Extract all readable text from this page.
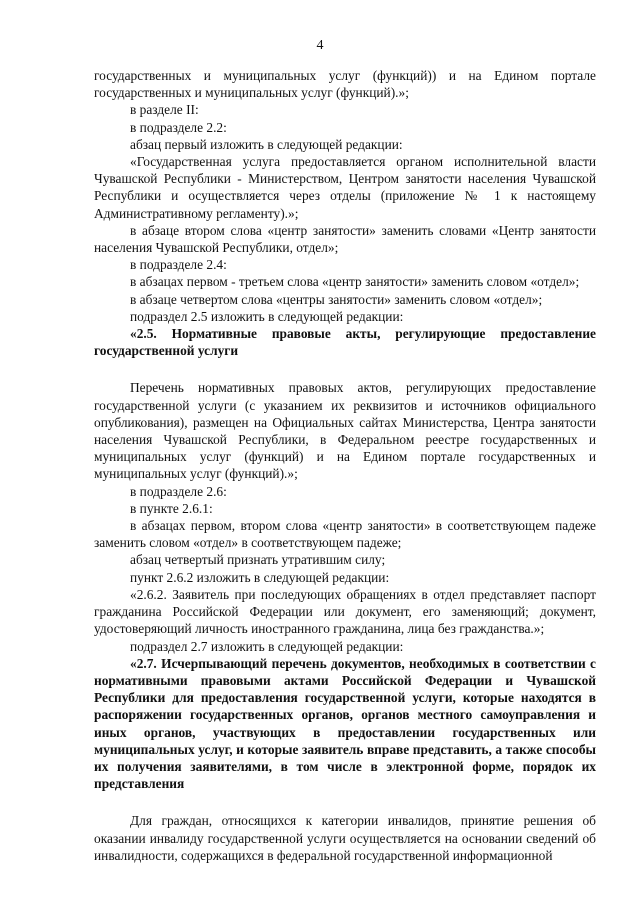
4

государственных и муниципальных услуг (функций)) и на Едином портале государственных и муниципальных услуг (функций).»;

в разделе II:

в подразделе 2.2:

абзац первый изложить в следующей редакции:

«Государственная услуга предоставляется органом исполнительной власти Чувашской Республики - Министерством, Центром занятости населения Чувашской Республики и осуществляется через отделы (приложение № 1 к настоящему Административному регламенту).»;

в абзаце втором слова «центр занятости» заменить словами «Центр занятости населения Чувашской Республики, отдел»;

в подразделе 2.4:

в абзацах первом - третьем слова «центр занятости» заменить словом «отдел»;

в абзаце четвертом слова «центры занятости» заменить словом «отдел»;

подраздел 2.5 изложить в следующей редакции:

«2.5. Нормативные правовые акты, регулирующие предоставление государственной услуги

Перечень нормативных правовых актов, регулирующих предоставление государственной услуги (с указанием их реквизитов и источников официального опубликования), размещен на Официальных сайтах Министерства, Центра занятости населения Чувашской Республики, в Федеральном реестре государственных и муниципальных услуг (функций) и на Едином портале государственных и муниципальных услуг (функций).»;

в подразделе 2.6:

в пункте 2.6.1:

в абзацах первом, втором слова «центр занятости» в соответствующем падеже заменить словом «отдел» в соответствующем падеже;

абзац четвертый признать утратившим силу;

пункт 2.6.2 изложить в следующей редакции:

«2.6.2. Заявитель при последующих обращениях в отдел представляет паспорт гражданина Российской Федерации или документ, его заменяющий; документ, удостоверяющий личность иностранного гражданина, лица без гражданства.»;

подраздел 2.7 изложить в следующей редакции:

«2.7. Исчерпывающий перечень документов, необходимых в соответствии с нормативными правовыми актами Российской Федерации и Чувашской Республики для предоставления государственной услуги, которые находятся в распоряжении государственных органов, органов местного самоуправления и иных органов, участвующих в предоставлении государственных или муниципальных услуг, и которые заявитель вправе представить, а также способы их получения заявителями, в том числе в электронной форме, порядок их представления

Для граждан, относящихся к категории инвалидов, принятие решения об оказании инвалиду государственной услуги осуществляется на основании сведений об инвалидности, содержащихся в федеральной государственной информационной
